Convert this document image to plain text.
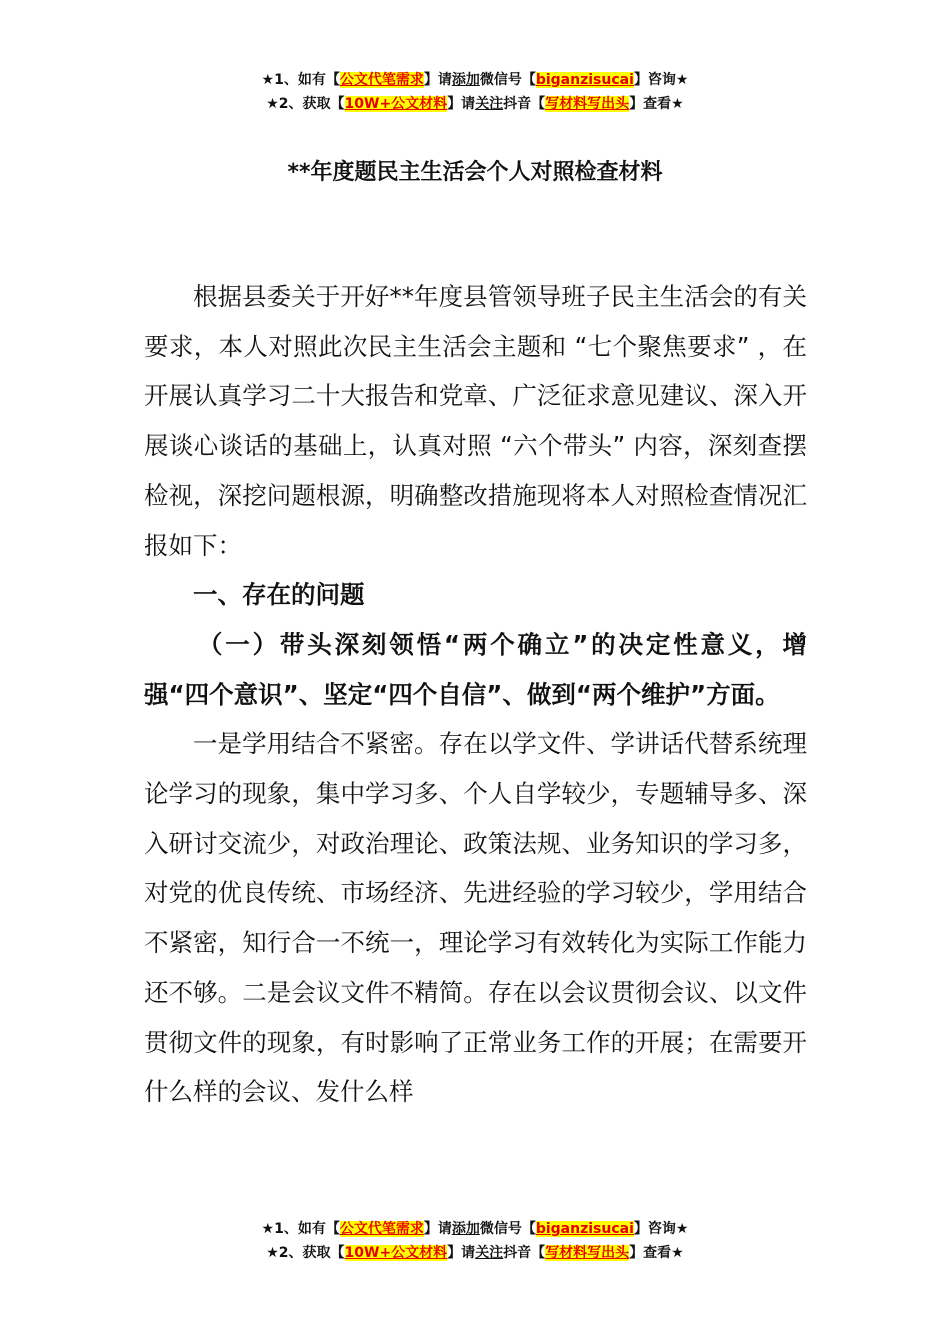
★1、如有【公文代笔需求】请添加微信号【biganzisucai】咨询★
★2、获取【10W+公文材料】请关注抖音【写材料写出头】查看★
**年度题民主生活会个人对照检查材料

根据县委关于开好**年度县管领导班子民主生活会的有关要求，本人对照此次民主生活会主题和 “七个聚焦要求” ，在开展认真学习二十大报告和党章、广泛征求意见建议、深入开展谈心谈话的基础上，认真对照 “六个带头” 内容，深刻查摆检视，深挖问题根源，明确整改措施现将本人对照检查情况汇报如下：

一、存在的问题

（一）带头深刻领悟“两个确立”的决定性意义，增强“四个意识”、坚定“四个自信”、做到“两个维护”方面。

一是学用结合不紧密。存在以学文件、学讲话代替系统理论学习的现象，集中学习多、个人自学较少，专题辅导多、深入研讨交流少，对政治理论、政策法规、业务知识的学习多，对党的优良传统、市场经济、先进经验的学习较少，学用结合不紧密，知行合一不统一，理论学习有效转化为实际工作能力还不够。二是会议文件不精简。存在以会议贯彻会议、以文件贯彻文件的现象，有时影响了正常业务工作的开展；在需要开什么样的会议、发什么样

★1、如有【公文代笔需求】请添加微信号【biganzisucai】咨询★
★2、获取【10W+公文材料】请关注抖音【写材料写出头】查看★
